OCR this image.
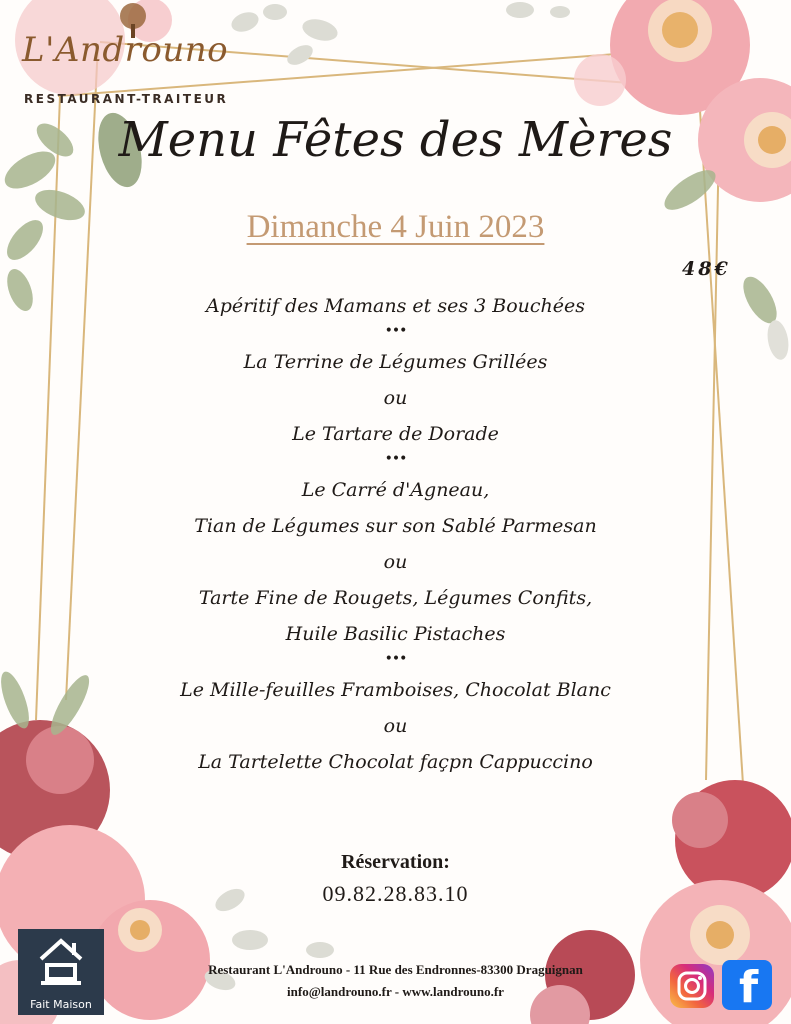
L'Androuno
RESTAURANT-TRAITEUR
Menu Fêtes des Mères
Dimanche 4 Juin 2023
48€
Apéritif des Mamans et ses 3 Bouchées
•••
La Terrine de Légumes Grillées
ou
Le Tartare de Dorade
•••
Le Carré d'Agneau,
Tian de Légumes sur son Sablé Parmesan
ou
Tarte Fine de Rougets, Légumes Confits,
Huile Basilic Pistaches
•••
Le Mille-feuilles Framboises, Chocolat Blanc
ou
La Tartelette Chocolat façpn Cappuccino
Réservation:
09.82.28.83.10
Fait Maison
Restaurant L'Androuno - 11 Rue des Endronnes-83300 Draguignan
info@landrouno.fr - www.landrouno.fr	f
